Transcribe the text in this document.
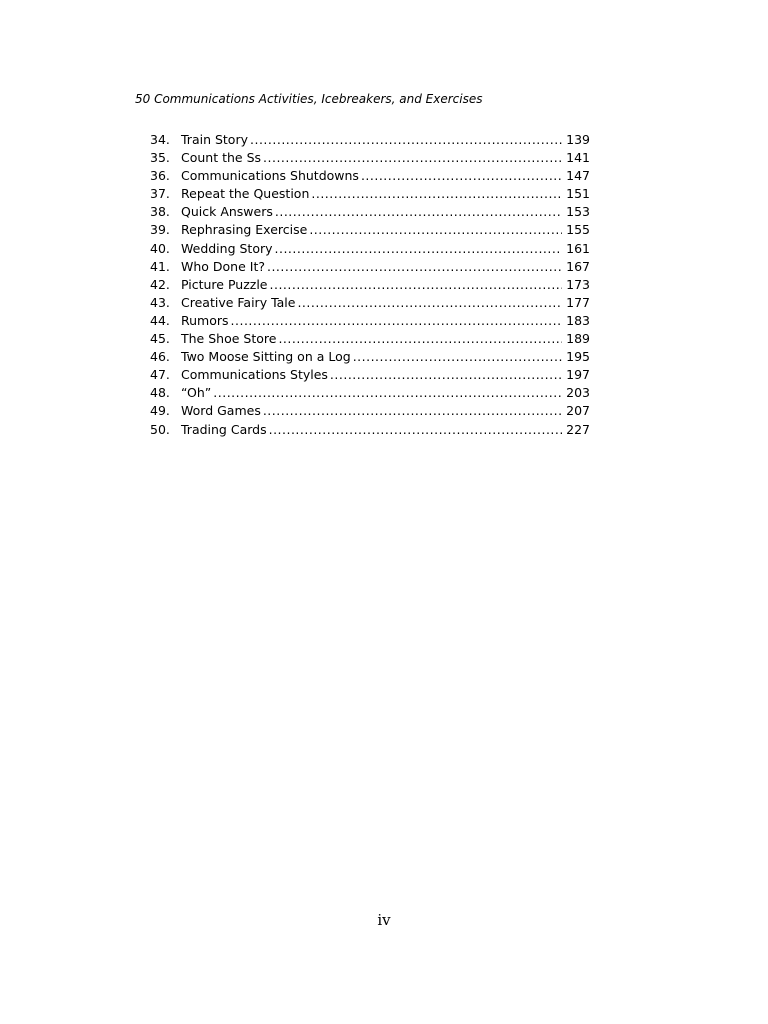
50 Communications Activities, Icebreakers, and Exercises
34. Train Story .....	139
35. Count the Ss .....	141
36. Communications Shutdowns .....	147
37. Repeat the Question .....	151
38. Quick Answers .....	153
39. Rephrasing Exercise .....	155
40. Wedding Story .....	161
41. Who Done It? .....	167
42. Picture Puzzle .....	173
43. Creative Fairy Tale .....	177
44. Rumors .....	183
45. The Shoe Store .....	189
46. Two Moose Sitting on a Log .....	195
47. Communications Styles .....	197
48. “Oh” .....	203
49. Word Games .....	207
50. Trading Cards .....	227
iv
